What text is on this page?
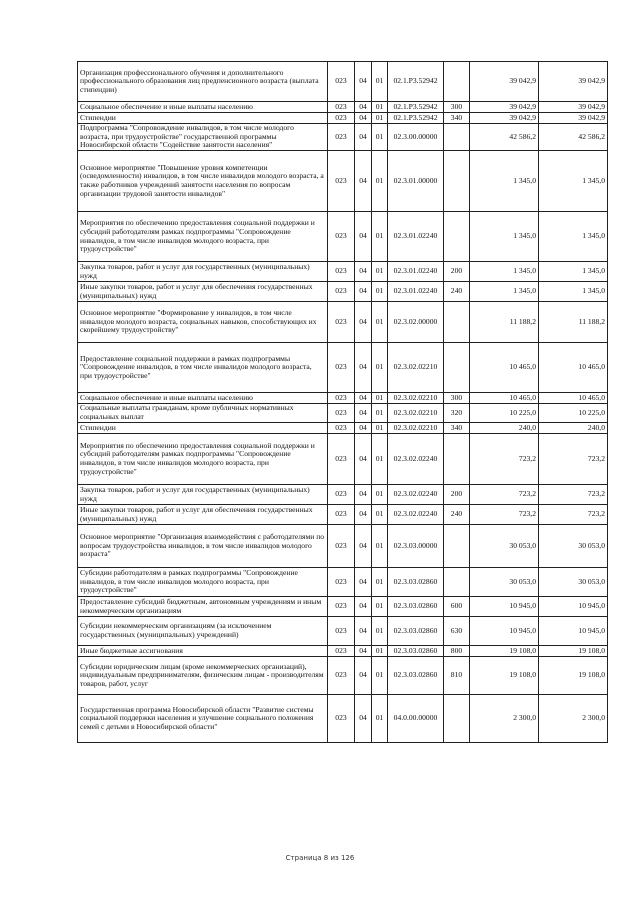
Организация профессионального обучения и дополнительного профессионального образования лиц предпенсионного возраста (выплата стипендии)	023	04	01	02.1.P3.52942		39 042,9	39 042,9
Социальное обеспечение и иные выплаты населению	023	04	01	02.1.P3.52942	300	39 042,9	39 042,9
Стипендии	023	04	01	02.1.P3.52942	340	39 042,9	39 042,9
Подпрограмма "Сопровождение инвалидов, в том числе молодого возраста, при трудоустройстве" государственной программы Новосибирской области "Содействие занятости населения"	023	04	01	02.3.00.00000		42 586,2	42 586,2
Основное мероприятие "Повышение уровня компетенции (осведомленности) инвалидов, в том числе инвалидов молодого возраста, а также работников учреждений занятости населения по вопросам организации трудовой занятости инвалидов"	023	04	01	02.3.01.00000		1 345,0	1 345,0
Мероприятия по обеспечению предоставления социальной поддержки и субсидий работодателям рамках подпрограммы "Сопровождение инвалидов, в том числе инвалидов молодого возраста, при трудоустройстве"	023	04	01	02.3.01.02240		1 345,0	1 345,0
Закупка товаров, работ и услуг для государственных (муниципальных) нужд	023	04	01	02.3.01.02240	200	1 345,0	1 345,0
Иные закупки товаров, работ и услуг для обеспечения государственных (муниципальных) нужд	023	04	01	02.3.01.02240	240	1 345,0	1 345,0
Основное мероприятие "Формирование у инвалидов, в том числе инвалидов молодого возраста, социальных навыков, способствующих их скорейшему трудоустройству"	023	04	01	02.3.02.00000		11 188,2	11 188,2
Предоставление социальной поддержки в рамках подпрограммы "Сопровождение инвалидов, в том числе инвалидов молодого возраста, при трудоустройстве"	023	04	01	02.3.02.02210		10 465,0	10 465,0
Социальное обеспечение и иные выплаты населению	023	04	01	02.3.02.02210	300	10 465,0	10 465,0
Социальные выплаты гражданам, кроме публичных нормативных социальных выплат	023	04	01	02.3.02.02210	320	10 225,0	10 225,0
Стипендии	023	04	01	02.3.02.02210	340	240,0	240,0
Мероприятия по обеспечению предоставления социальной поддержки и субсидий работодателям рамках подпрограммы "Сопровождение инвалидов, в том числе инвалидов молодого возраста, при трудоустройстве"	023	04	01	02.3.02.02240		723,2	723,2
Закупка товаров, работ и услуг для государственных (муниципальных) нужд	023	04	01	02.3.02.02240	200	723,2	723,2
Иные закупки товаров, работ и услуг для обеспечения государственных (муниципальных) нужд	023	04	01	02.3.02.02240	240	723,2	723,2
Основное мероприятие "Организация взаимодействия с работодателями по вопросам трудоустройства инвалидов, в том числе инвалидов молодого возраста"	023	04	01	02.3.03.00000		30 053,0	30 053,0
Субсидии работодателям в рамках подпрограммы "Сопровождение инвалидов, в том числе инвалидов молодого возраста, при трудоустройстве"	023	04	01	02.3.03.02860		30 053,0	30 053,0
Предоставление субсидий бюджетным, автономным учреждениям и иным некоммерческим организациям	023	04	01	02.3.03.02860	600	10 945,0	10 945,0
Субсидии некоммерческим организациям (за исключением государственных (муниципальных) учреждений)	023	04	01	02.3.03.02860	630	10 945,0	10 945,0
Иные бюджетные ассигнования	023	04	01	02.3.03.02860	800	19 108,0	19 108,0
Субсидии юридическим лицам (кроме некоммерческих организаций), индивидуальным предпринимателям, физическим лицам - производителям товаров, работ, услуг	023	04	01	02.3.03.02860	810	19 108,0	19 108,0
Государственная программа Новосибирской области "Развитие системы социальной поддержки населения и улучшение социального положения семей с детьми в Новосибирской области"	023	04	01	04.0.00.00000		2 300,0	2 300,0
Страница 8 из 126
